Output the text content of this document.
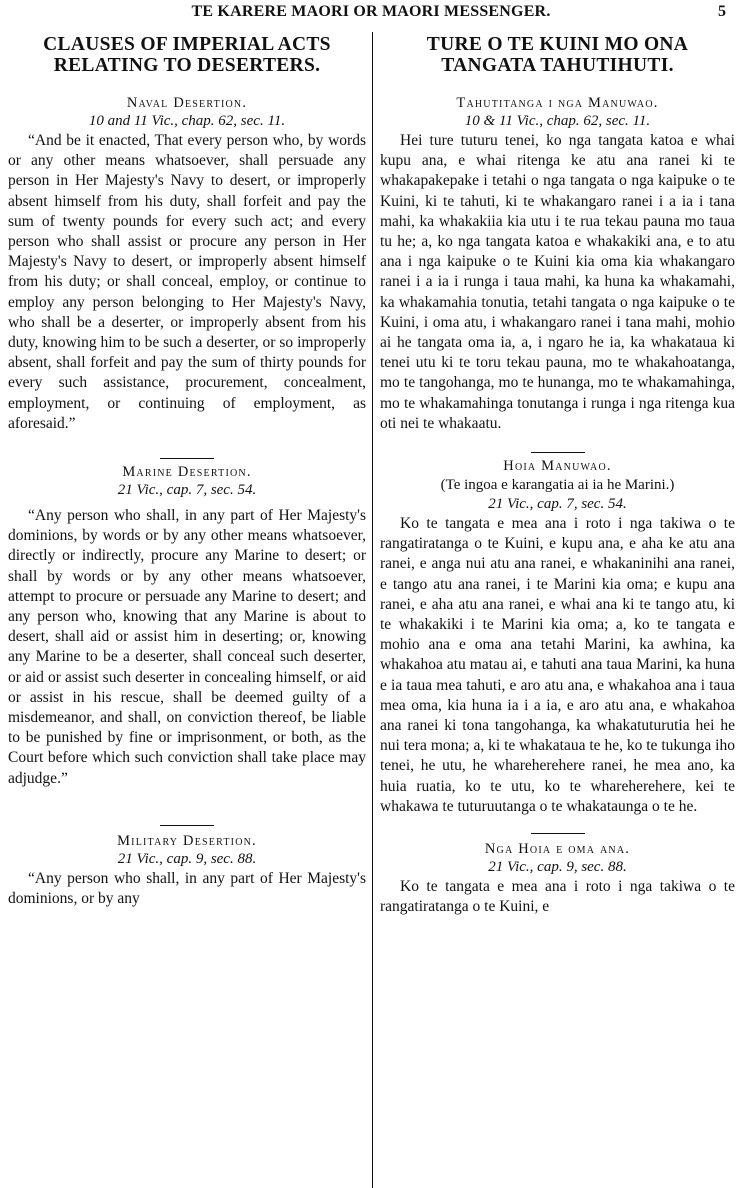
TE KARERE MAORI OR MAORI MESSENGER.	5
CLAUSES OF IMPERIAL ACTS
RELATING TO DESERTERS.
Naval Desertion.
10 and 11 Vic., chap. 62, sec. 11.

“And be it enacted, That every person who, by words or any other means whatsoever, shall persuade any person in Her Majesty's Navy to desert, or improperly absent himself from his duty, shall forfeit and pay the sum of twenty pounds for every such act; and every person who shall assist or procure any person in Her Majesty's Navy to desert, or improperly absent himself from his duty; or shall conceal, employ, or continue to employ any person belonging to Her Majesty's Navy, who shall be a deserter, or improperly absent from his duty, knowing him to be such a deserter, or so improperly absent, shall forfeit and pay the sum of thirty pounds for every such assistance, procurement, concealment, employment, or continuing of employment, as aforesaid.”

Marine Desertion.
21 Vic., cap. 7, sec. 54.

“Any person who shall, in any part of Her Majesty's dominions, by words or by any other means whatsoever, directly or indirectly, procure any Marine to desert; or shall by words or by any other means whatsoever, attempt to procure or persuade any Marine to desert; and any person who, knowing that any Marine is about to desert, shall aid or assist him in deserting; or, knowing any Marine to be a deserter, shall conceal such deserter, or aid or assist such deserter in concealing himself, or aid or assist in his rescue, shall be deemed guilty of a misdemeanor, and shall, on conviction thereof, be liable to be punished by fine or imprisonment, or both, as the Court before which such conviction shall take place may adjudge.”

Military Desertion.
21 Vic., cap. 9, sec. 88.

“Any person who shall, in any part of Her Majesty's dominions, or by any

TURE O TE KUINI MO ONA
TANGATA TAHUTIHUTI.
Tahutitanga i nga Manuwao.
10 & 11 Vic., chap. 62, sec. 11.

Hei ture tuturu tenei, ko nga tangata katoa e whai kupu ana, e whai ritenga ke atu ana ranei ki te whakapakepake i tetahi o nga tangata o nga kaipuke o te Kuini, ki te tahuti, ki te whakangaro ranei i a ia i tana mahi, ka whakakiia kia utu i te rua tekau pauna mo taua tu he; a, ko nga tangata katoa e whakakiki ana, e to atu ana i nga kaipuke o te Kuini kia oma kia whakangaro ranei i a ia i runga i taua mahi, ka huna ka whakamahi, ka whakamahia tonutia, tetahi tangata o nga kaipuke o te Kuini, i oma atu, i whakangaro ranei i tana mahi, mohio ai he tangata oma ia, a, i ngaro he ia, ka whakataua ki tenei utu ki te toru tekau pauna, mo te whakahoatanga, mo te tangohanga, mo te hunanga, mo te whakamahinga, mo te whakamahinga tonutanga i runga i nga ritenga kua oti nei te whakaatu.

Hoia Manuwao.
(Te ingoa e karangatia ai ia he Marini.)
21 Vic., cap. 7, sec. 54.

Ko te tangata e mea ana i roto i nga takiwa o te rangatiratanga o te Kuini, e kupu ana, e aha ke atu ana ranei, e anga nui atu ana ranei, e whakaninihi ana ranei, e tango atu ana ranei, i te Marini kia oma; e kupu ana ranei, e aha atu ana ranei, e whai ana ki te tango atu, ki te whakakiki i te Marini kia oma; a, ko te tangata e mohio ana e oma ana tetahi Marini, ka awhina, ka whakahoa atu matau ai, e tahuti ana taua Marini, ka huna e ia taua mea tahuti, e aro atu ana, e whakahoa ana i taua mea oma, kia huna ia i a ia, e aro atu ana, e whakahoa ana ranei ki tona tangohanga, ka whakatuturutia hei he nui tera mona; a, ki te whakataua te he, ko te tukunga iho tenei, he utu, he whareherehere ranei, he mea ano, ka huia ruatia, ko te utu, ko te whareherehere, kei te whakawa te tuturuutanga o te whakataunga o te he.

Nga Hoia e oma ana.
21 Vic., cap. 9, sec. 88.

Ko te tangata e mea ana i roto i nga takiwa o te rangatiratanga o te Kuini, e
